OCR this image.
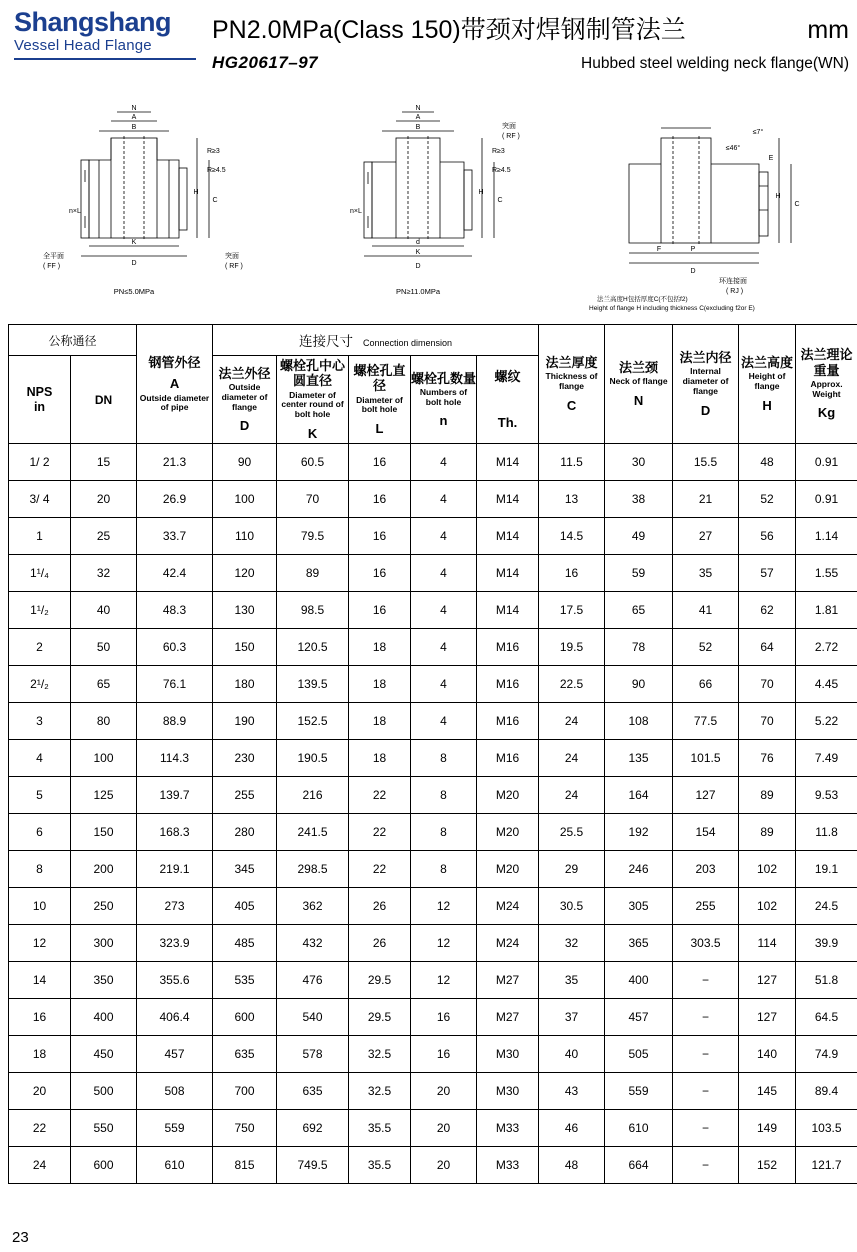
Shangshang
Vessel Head Flange
PN2.0MPa(Class 150)带颈对焊钢制管法兰	mm
HG20617–97	Hubbed steel welding neck flange(WN)
N
A
B
K
D
H
C
n×L
R≥3
R≥4.5
全平面
( FF )
突面
( RF )
PN≤5.0MPa
N
A
B
d
K
D
H
C
n×L
R≥3
R≥4.5
突面
( RF )
PN≥11.0MPa
H
C
≤7°
≤46°
P
F
D
E
环连接面
( RJ )
法兰高度H包括厚度C(不包括f2)
Height of flange H including thickness C(excluding f2or E)
公称通径		钢管外径
A
Outside diameter of pipe	连接尺寸 Connection dimension					法兰厚度
Thickness of flange
C	法兰颈
Neck of flange
N	法兰内径
Internal diameter of flange
D	法兰高度
Height of flange
H	法兰理论重量
Approx. Weight
Kg

NPS
in	DN		法兰外径
Outside diameter of flange
D	螺栓孔中心圆直径
Diameter of center round of bolt hole
K	螺栓孔直径
Diameter of bolt hole
L	螺栓孔数量
Numbers of bolt hole
n	螺纹
Th.					

1/ 2	15	21.3	90	60.5	16	4	M14	11.5	30	15.5	48	0.91
3/ 4	20	26.9	100	70	16	4	M14	13	38	21	52	0.91
1	25	33.7	110	79.5	16	4	M14	14.5	49	27	56	1.14
1¹/₄	32	42.4	120	89	16	4	M14	16	59	35	57	1.55
1¹/₂	40	48.3	130	98.5	16	4	M14	17.5	65	41	62	1.81
2	50	60.3	150	120.5	18	4	M16	19.5	78	52	64	2.72
2¹/₂	65	76.1	180	139.5	18	4	M16	22.5	90	66	70	4.45
3	80	88.9	190	152.5	18	4	M16	24	108	77.5	70	5.22
4	100	114.3	230	190.5	18	8	M16	24	135	101.5	76	7.49
5	125	139.7	255	216	22	8	M20	24	164	127	89	9.53
6	150	168.3	280	241.5	22	8	M20	25.5	192	154	89	11.8
8	200	219.1	345	298.5	22	8	M20	29	246	203	102	19.1
10	250	273	405	362	26	12	M24	30.5	305	255	102	24.5
12	300	323.9	485	432	26	12	M24	32	365	303.5	114	39.9
14	350	355.6	535	476	29.5	12	M27	35	400	−	127	51.8
16	400	406.4	600	540	29.5	16	M27	37	457	−	127	64.5
18	450	457	635	578	32.5	16	M30	40	505	−	140	74.9
20	500	508	700	635	32.5	20	M30	43	559	−	145	89.4
22	550	559	750	692	35.5	20	M33	46	610	−	149	103.5
24	600	610	815	749.5	35.5	20	M33	48	664	−	152	121.7
23
